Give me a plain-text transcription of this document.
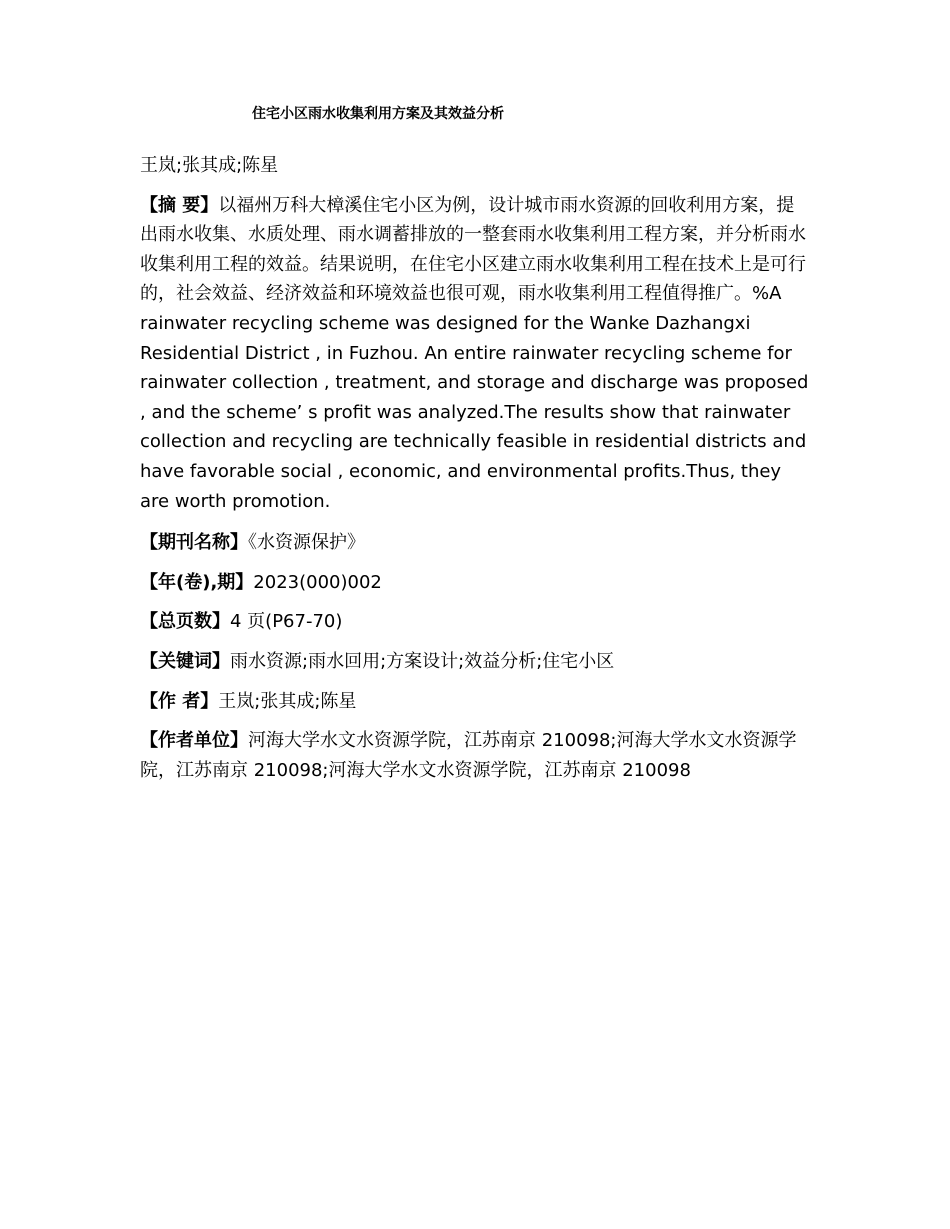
住宅小区雨水收集利用方案及其效益分析
王岚;张其成;陈星
【摘 要】以福州万科大樟溪住宅小区为例，设计城市雨水资源的回收利用方案，提出雨水收集、水质处理、雨水调蓄排放的一整套雨水收集利用工程方案，并分析雨水收集利用工程的效益。结果说明，在住宅小区建立雨水收集利用工程在技术上是可行的，社会效益、经济效益和环境效益也很可观，雨水收集利用工程值得推广。%A rainwater recycling scheme was designed for the Wanke Dazhangxi Residential District , in Fuzhou. An entire rainwater recycling scheme for rainwater collection , treatment, and storage and discharge was proposed , and the scheme’ s profit was analyzed.The results show that rainwater collection and recycling are technically feasible in residential districts and have favorable social , economic, and environmental profits.Thus, they are worth promotion.
【期刊名称】《水资源保护》
【年(卷),期】2023(000)002
【总页数】4 页(P67-70)
【关键词】雨水资源;雨水回用;方案设计;效益分析;住宅小区
【作 者】王岚;张其成;陈星
【作者单位】河海大学水文水资源学院，江苏南京 210098;河海大学水文水资源学院，江苏南京 210098;河海大学水文水资源学院，江苏南京 210098
